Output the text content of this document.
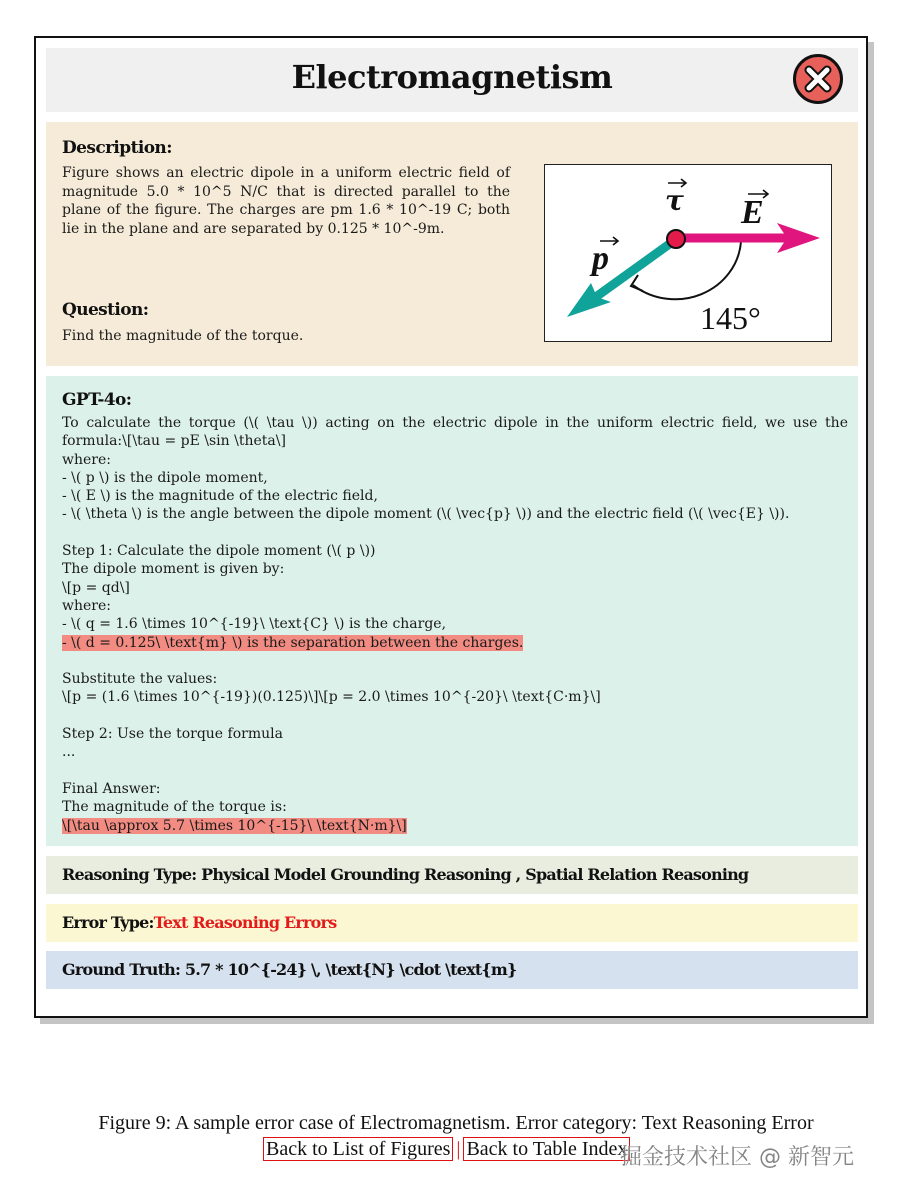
Electromagnetism
Description:
Figure shows an electric dipole in a uniform electric field of magnitude 5.0 * 10^5 N/C that is directed parallel to the plane of the figure. The charges are pm 1.6 * 10^-19 C; both lie in the plane and are separated by 0.125 * 10^-9m.
Question:
Find the magnitude of the torque.
τ E
p
145°
GPT-4o:
To calculate the torque (\( \tau \)) acting on the electric dipole in the uniform electric field, we use the formula:\[\tau = pE \sin \theta\]
where:
- \( p \) is the dipole moment,
- \( E \) is the magnitude of the electric field,
- \( \theta \) is the angle between the dipole moment (\( \vec{p} \)) and the electric field (\( \vec{E} \)).
Step 1: Calculate the dipole moment (\( p \))
The dipole moment is given by:
\[p = qd\]
where:
- \( q = 1.6 \times 10^{-19}\ \text{C} \) is the charge,
- \( d = 0.125\ \text{m} \) is the separation between the charges.
Substitute the values:
\[p = (1.6 \times 10^{-19})(0.125)\]\[p = 2.0 \times 10^{-20}\ \text{C·m}\]
Step 2: Use the torque formula
...
Final Answer:
The magnitude of the torque is:
\[\tau \approx 5.7 \times 10^{-15}\ \text{N·m}\]
Reasoning Type: Physical Model Grounding Reasoning , Spatial Relation Reasoning
Error Type:Text Reasoning Errors
Ground Truth: 5.7 * 10^{-24} \, \text{N} \cdot \text{m}
Figure 9: A sample error case of Electromagnetism. Error category: Text Reasoning Error
Back to List of Figures | Back to Table Index
掘金技术社区 @ 新智元
